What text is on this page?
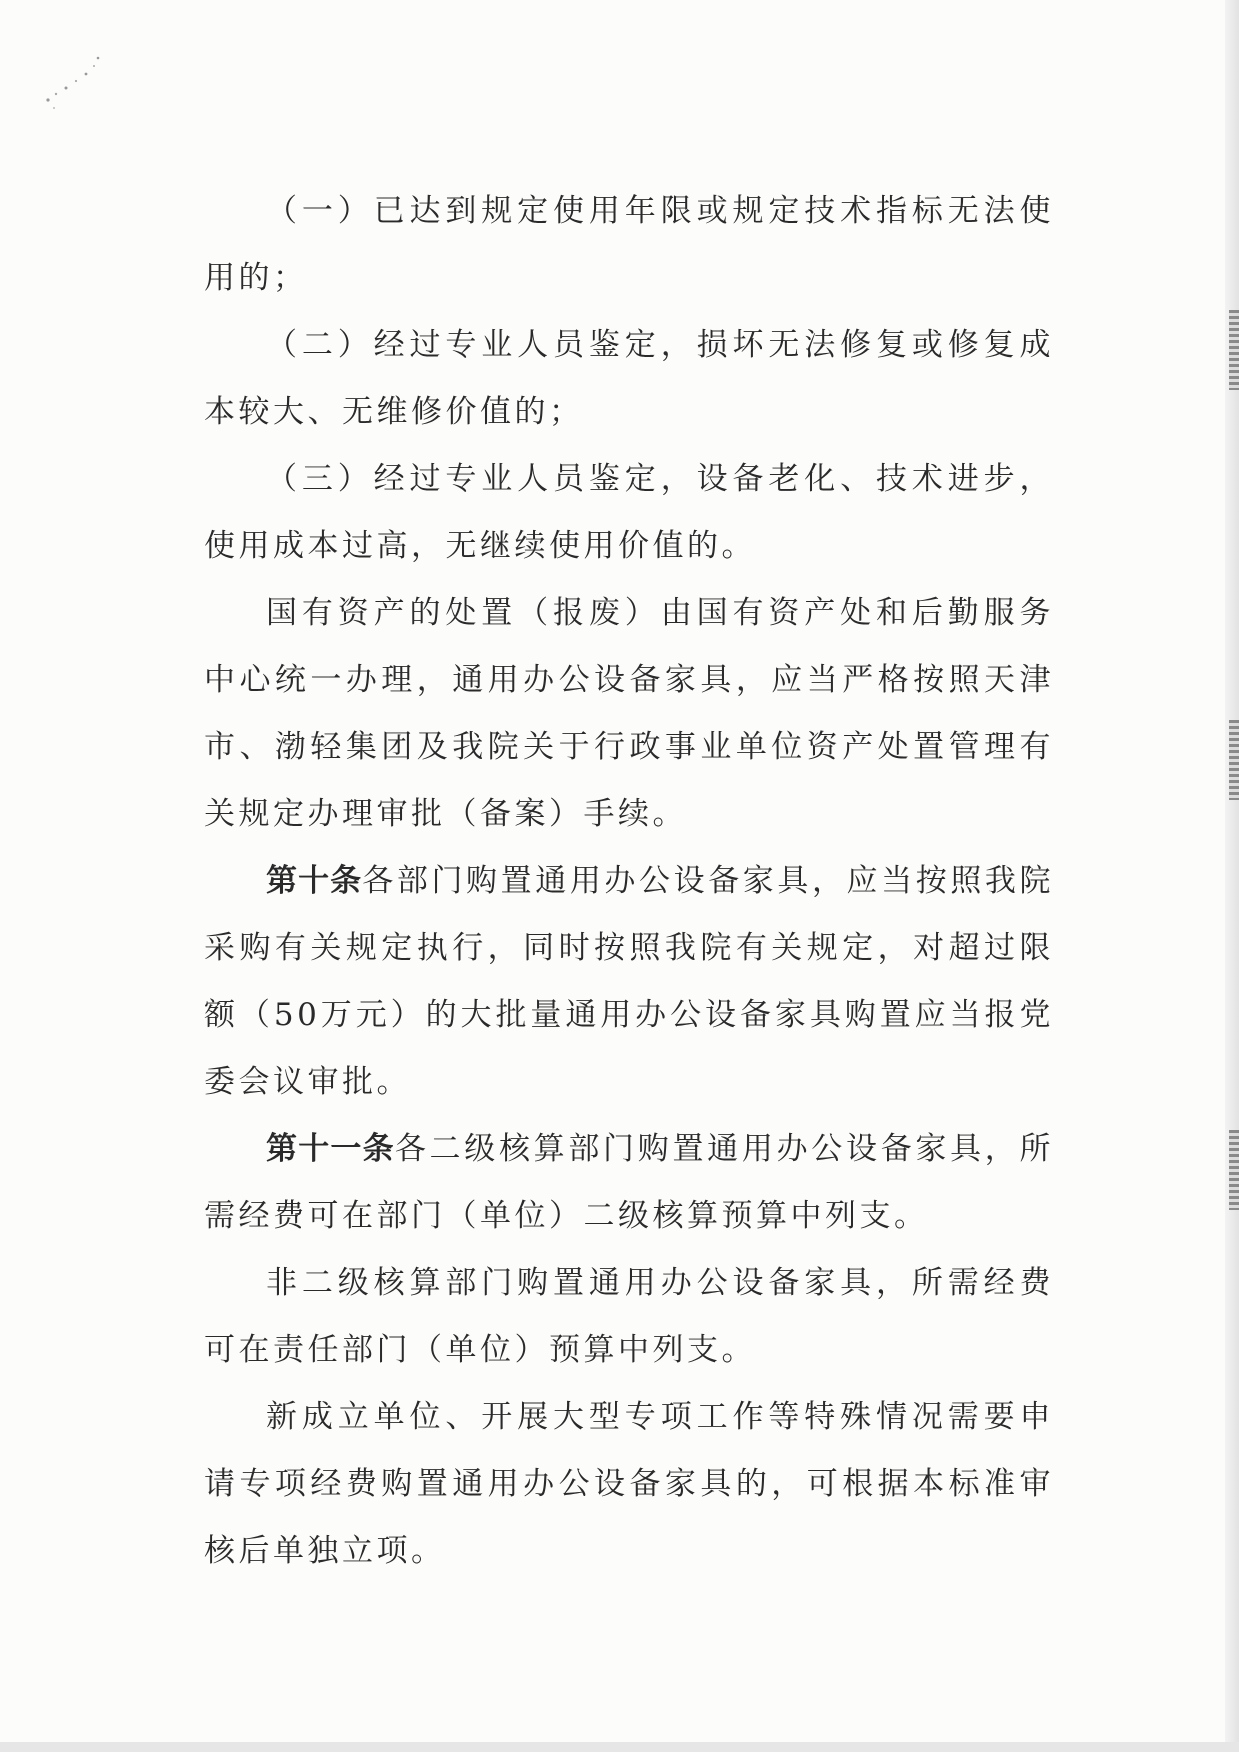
（一）已达到规定使用年限或规定技术指标无法使用的；

（二）经过专业人员鉴定，损坏无法修复或修复成本较大、无维修价值的；

（三）经过专业人员鉴定，设备老化、技术进步，使用成本过高，无继续使用价值的。

国有资产的处置（报废）由国有资产处和后勤服务中心统一办理，通用办公设备家具，应当严格按照天津市、渤轻集团及我院关于行政事业单位资产处置管理有关规定办理审批（备案）手续。

第十条各部门购置通用办公设备家具，应当按照我院采购有关规定执行，同时按照我院有关规定，对超过限额（50万元）的大批量通用办公设备家具购置应当报党委会议审批。

第十一条各二级核算部门购置通用办公设备家具，所需经费可在部门（单位）二级核算预算中列支。

非二级核算部门购置通用办公设备家具，所需经费可在责任部门（单位）预算中列支。

新成立单位、开展大型专项工作等特殊情况需要申请专项经费购置通用办公设备家具的，可根据本标准审核后单独立项。
